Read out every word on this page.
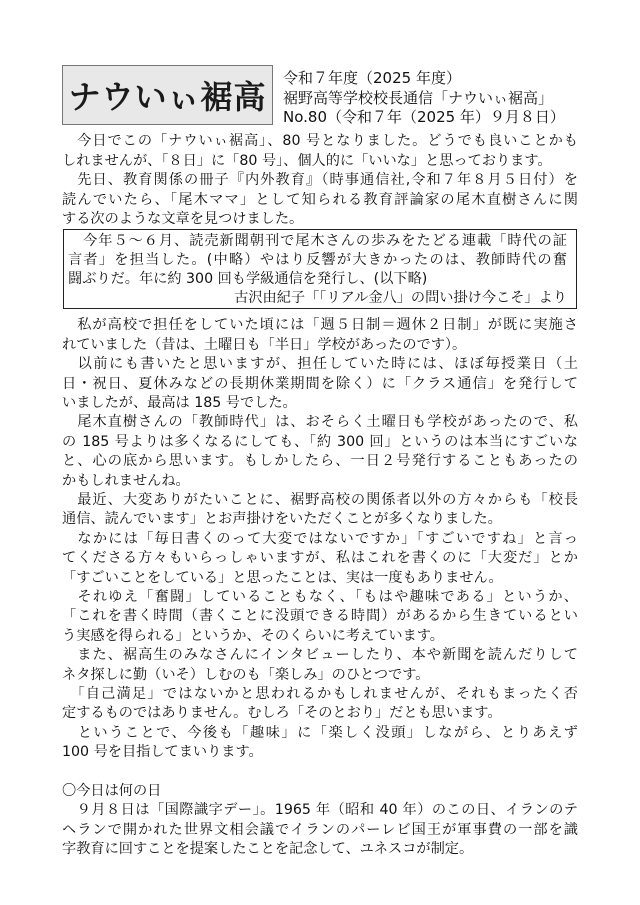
ナウいぃ裾高 令和７年度（2025 年度）
裾野高等学校校長通信「ナウいぃ裾高」
No.80（令和７年（2025 年）９月８日）
　今日でこの「ナウいぃ裾高」、80 号となりました。どうでも良いことかも
しれませんが、「８日」に「80 号」、個人的に「いいな」と思っております。
　先日、教育関係の冊子『内外教育』（時事通信社,令和７年８月５日付）を
読んでいたら、「尾木ママ」として知られる教育評論家の尾木直樹さんに関
する次のような文章を見つけました。
　今年５～６月、読売新聞朝刊で尾木さんの歩みをたどる連載「時代の証
言者」を担当した。(中略）やはり反響が大きかったのは、教師時代の奮
闘ぶりだ。年に約 300 回も学級通信を発行し、(以下略)
古沢由紀子「「リアル金八」の問い掛け今こそ」より
　私が高校で担任をしていた頃には「週５日制＝週休２日制」が既に実施さ
れていました（昔は、土曜日も「半日」学校があったのです）。
　以前にも書いたと思いますが、担任していた時には、ほぼ毎授業日（土
日・祝日、夏休みなどの長期休業期間を除く）に「クラス通信」を発行して
いましたが、最高は 185 号でした。
　尾木直樹さんの「教師時代」は、おそらく土曜日も学校があったので、私
の 185 号よりは多くなるにしても、「約 300 回」というのは本当にすごいな
と、心の底から思います。もしかしたら、一日２号発行することもあったの
かもしれませんね。
　最近、大変ありがたいことに、裾野高校の関係者以外の方々からも「校長
通信、読んでいます」とお声掛けをいただくことが多くなりました。
　なかには「毎日書くのって大変ではないですか」「すごいですね」と言っ
てくださる方々もいらっしゃいますが、私はこれを書くのに「大変だ」とか
「すごいことをしている」と思ったことは、実は一度もありません。
　それゆえ「奮闘」していることもなく、「もはや趣味である」というか、
「これを書く時間（書くことに没頭できる時間）があるから生きているとい
う実感を得られる」というか、そのくらいに考えています。
　また、裾高生のみなさんにインタビューしたり、本や新聞を読んだりして
ネタ探しに勤（いそ）しむのも「楽しみ」のひとつです。
　「自己満足」ではないかと思われるかもしれませんが、それもまったく否
定するものではありません。むしろ「そのとおり」だとも思います。
　ということで、今後も「趣味」に「楽しく没頭」しながら、とりあえず
100 号を目指してまいります。
〇今日は何の日
　９月８日は「国際識字デー」。1965 年（昭和 40 年）のこの日、イランのテ
ヘランで開かれた世界文相会議でイランのパーレビ国王が軍事費の一部を識
字教育に回すことを提案したことを記念して、ユネスコが制定。
